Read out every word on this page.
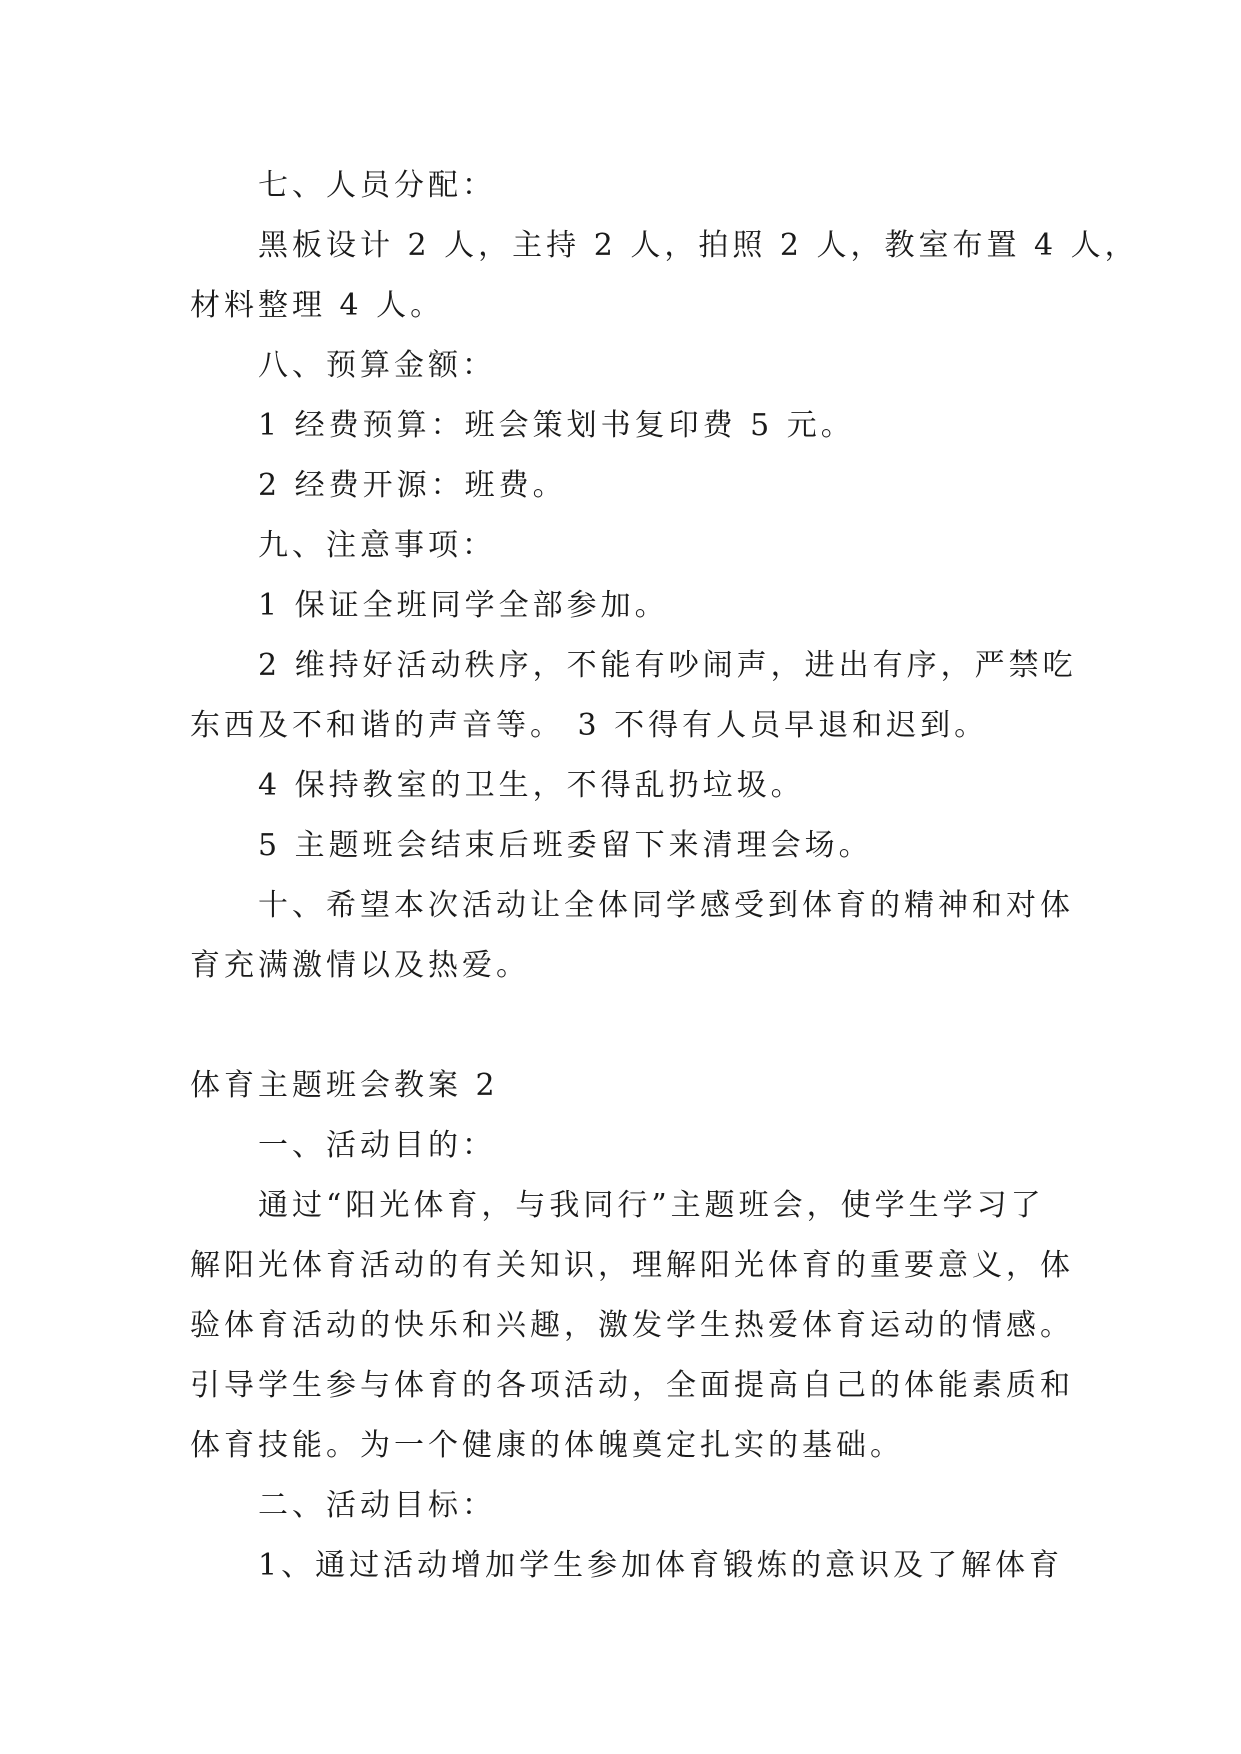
七、人员分配：

黑板设计 2 人，主持 2 人，拍照 2 人，教室布置 4 人，

材料整理 4 人。

八、预算金额：

1 经费预算：班会策划书复印费 5 元。

2 经费开源：班费。

九、注意事项：

1 保证全班同学全部参加。

2 维持好活动秩序，不能有吵闹声，进出有序，严禁吃

东西及不和谐的声音等。 3 不得有人员早退和迟到。

4 保持教室的卫生，不得乱扔垃圾。

5 主题班会结束后班委留下来清理会场。

十、希望本次活动让全体同学感受到体育的精神和对体

育充满激情以及热爱。

体育主题班会教案 2

一、活动目的：

通过“阳光体育，与我同行”主题班会，使学生学习了

解阳光体育活动的有关知识，理解阳光体育的重要意义，体

验体育活动的快乐和兴趣，激发学生热爱体育运动的情感。

引导学生参与体育的各项活动，全面提高自己的体能素质和

体育技能。为一个健康的体魄奠定扎实的基础。

二、活动目标：

1、通过活动增加学生参加体育锻炼的意识及了解体育
